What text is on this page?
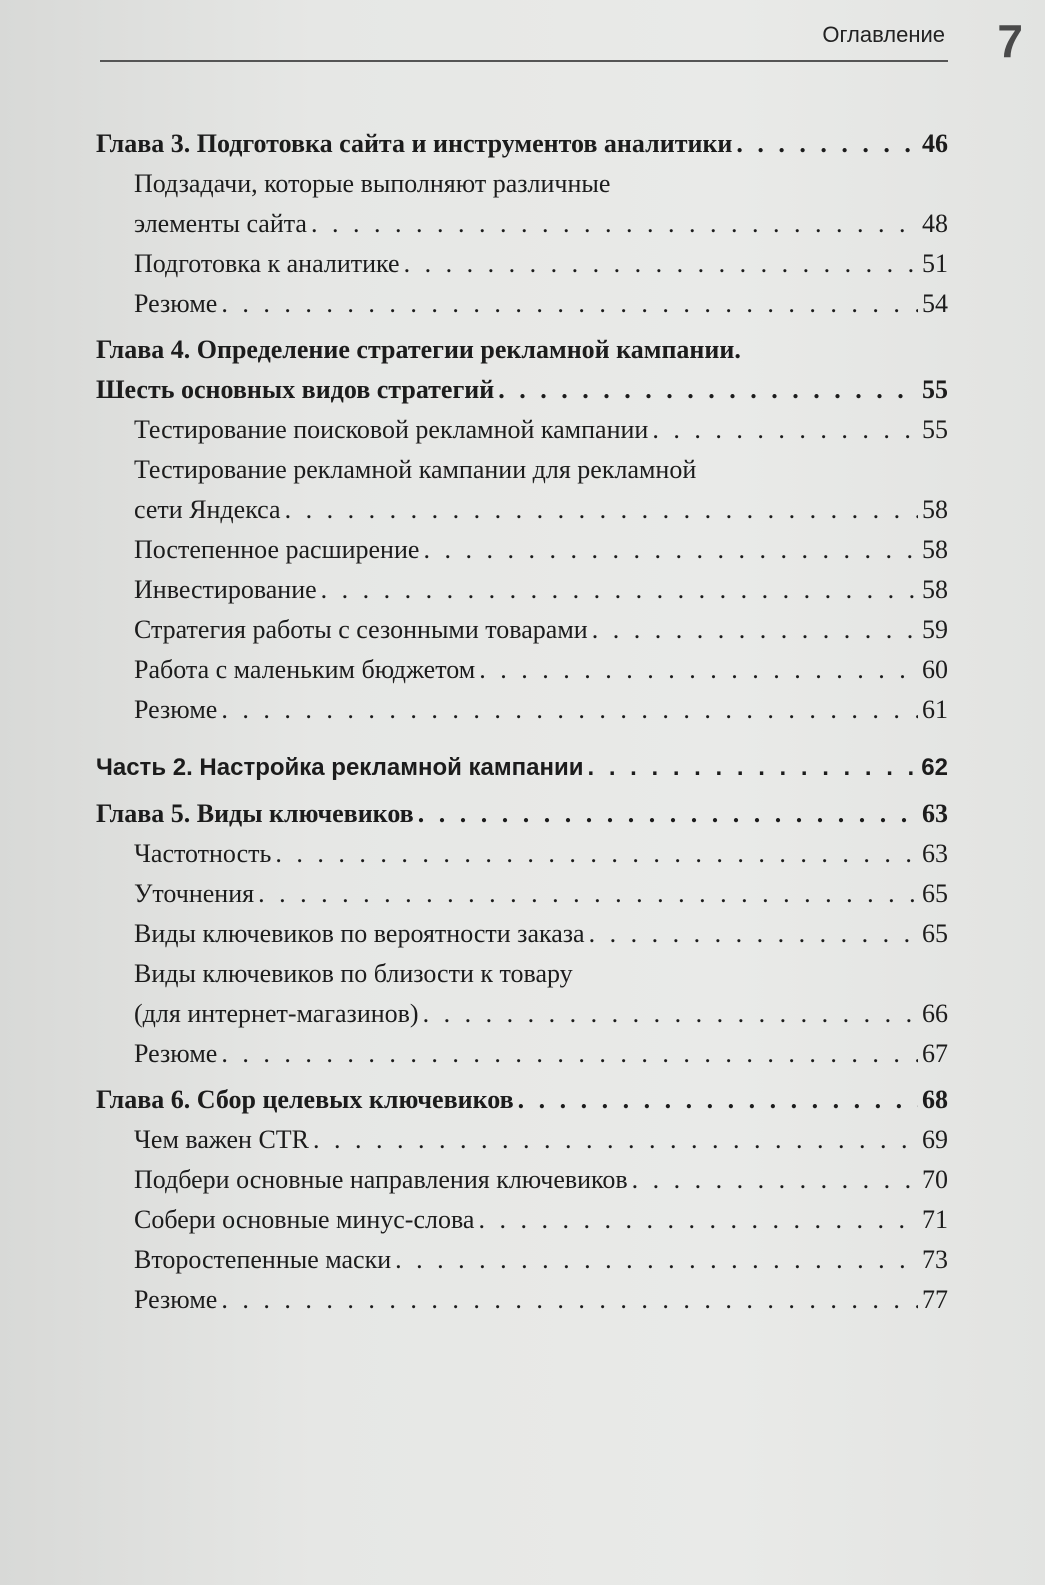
Оглавление 7
Глава 3. Подготовка сайта и инструментов аналитики . . .	46
Подзадачи, которые выполняют различные
элементы сайта . . .	48
Подготовка к аналитике . . .	51
Резюме . . .	54
Глава 4. Определение стратегии рекламной кампании.
Шесть основных видов стратегий . . .	55
Тестирование поисковой рекламной кампании . . .	55
Тестирование рекламной кампании для рекламной
сети Яндекса . . .	58
Постепенное расширение . . .	58
Инвестирование . . .	58
Стратегия работы с сезонными товарами . . .	59
Работа с маленьким бюджетом . . .	60
Резюме . . .	61
Часть 2. Настройка рекламной кампании . . .	62
Глава 5. Виды ключевиков . . .	63
Частотность . . .	63
Уточнения . . .	65
Виды ключевиков по вероятности заказа . . .	65
Виды ключевиков по близости к товару
(для интернет-магазинов) . . .	66
Резюме . . .	67
Глава 6. Сбор целевых ключевиков . . .	68
Чем важен CTR . . .	69
Подбери основные направления ключевиков . . .	70
Собери основные минус-слова . . .	71
Второстепенные маски . . .	73
Резюме . . .	77
